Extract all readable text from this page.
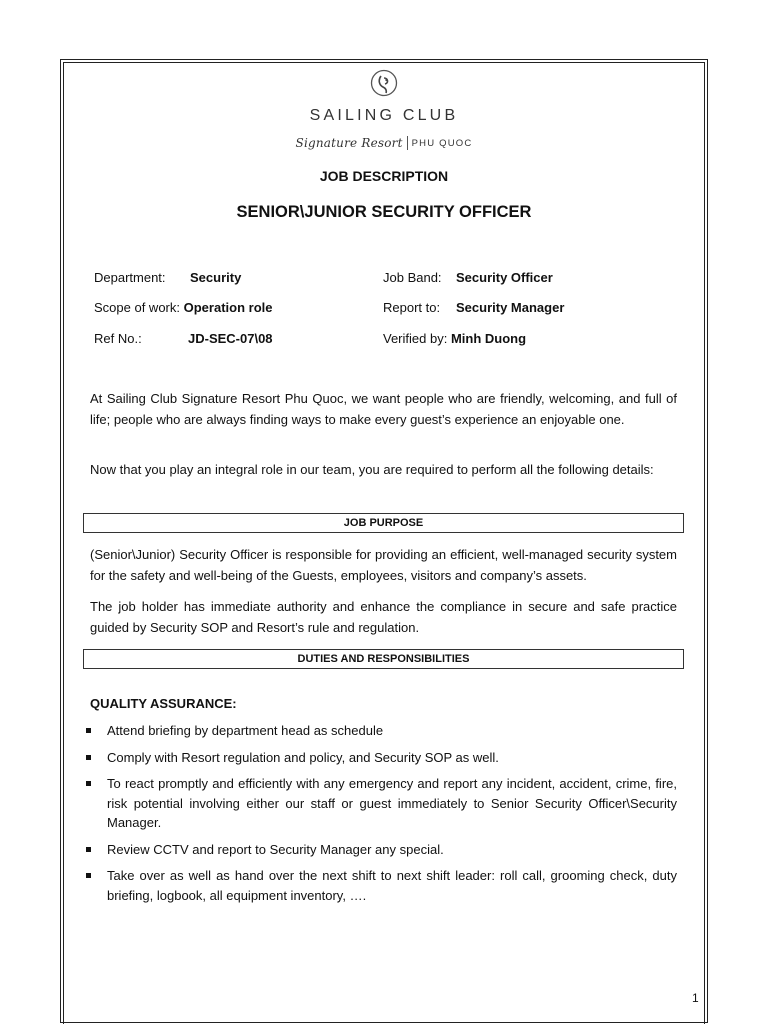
SAILING CLUB
Signature Resort PHU QUOC
JOB DESCRIPTION
SENIOR\JUNIOR SECURITY OFFICER
Department: Security
Scope of work: Operation role
Ref No.:	JD-SEC-07\08
Job Band: Security Officer
Report to: Security Manager
Verified by: Minh Duong

At Sailing Club Signature Resort Phu Quoc, we want people who are friendly, welcoming, and full of life; people who are always finding ways to make every guest’s experience an enjoyable one.

Now that you play an integral role in our team, you are required to perform all the following details:

JOB PURPOSE

(Senior\Junior) Security Officer is responsible for providing an efficient, well-managed security system for the safety and well-being of the Guests, employees, visitors and company’s assets.

The job holder has immediate authority and enhance the compliance in secure and safe practice guided by Security SOP and Resort’s rule and regulation.

DUTIES AND RESPONSIBILITIES
QUALITY ASSURANCE:
Attend briefing by department head as schedule
Comply with Resort regulation and policy, and Security SOP as well.
To react promptly and efficiently with any emergency and report any incident, accident, crime, fire, risk potential involving either our staff or guest immediately to Senior Security Officer\Security Manager.
Review CCTV and report to Security Manager any special.
Take over as well as hand over the next shift to next shift leader: roll call, grooming check, duty briefing, logbook, all equipment inventory, ….
1
